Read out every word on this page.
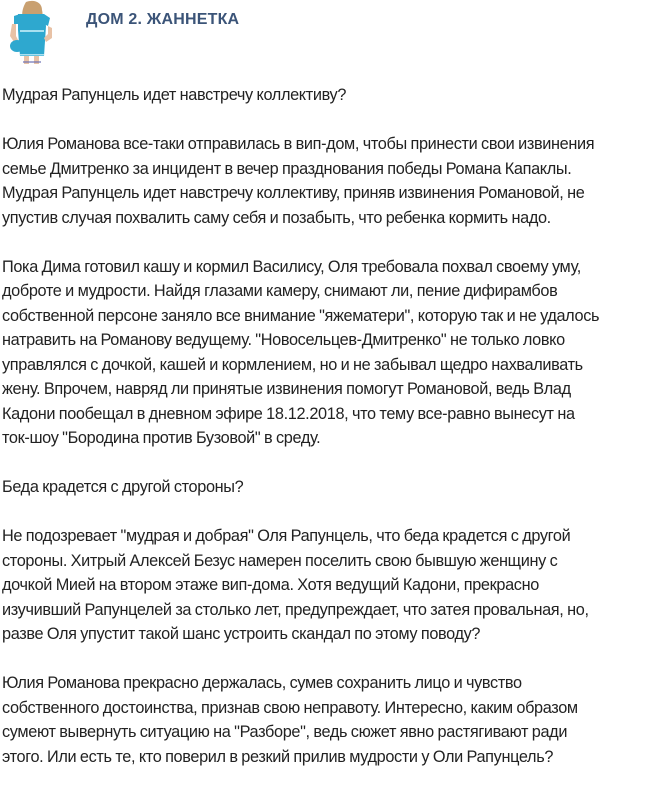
ДОМ 2. ЖАННЕТКА

Мудрая Рапунцель идет навстречу коллективу?

Юлия Романова все-таки отправилась в вип-дом, чтобы принести свои извинения
семье Дмитренко за инцидент в вечер празднования победы Романа Капаклы.
Мудрая Рапунцель идет навстречу коллективу, приняв извинения Романовой, не
упустив случая похвалить саму себя и позабыть, что ребенка кормить надо.

Пока Дима готовил кашу и кормил Василису, Оля требовала похвал своему уму,
доброте и мудрости. Найдя глазами камеру, снимают ли, пение дифирамбов
собственной персоне заняло все внимание "яжематери", которую так и не удалось
натравить на Романову ведущему. "Новосельцев-Дмитренко" не только ловко
управлялся с дочкой, кашей и кормлением, но и не забывал щедро нахваливать
жену. Впрочем, навряд ли принятые извинения помогут Романовой, ведь Влад
Кадони пообещал в дневном эфире 18.12.2018, что тему все-равно вынесут на
ток-шоу "Бородина против Бузовой" в среду.

Беда крадется с другой стороны?

Не подозревает "мудрая и добрая" Оля Рапунцель, что беда крадется с другой
стороны. Хитрый Алексей Безус намерен поселить свою бывшую женщину с
дочкой Мией на втором этаже вип-дома. Хотя ведущий Кадони, прекрасно
изучивший Рапунцелей за столько лет, предупреждает, что затея провальная, но,
разве Оля упустит такой шанс устроить скандал по этому поводу?

Юлия Романова прекрасно держалась, сумев сохранить лицо и чувство
собственного достоинства, признав свою неправоту. Интересно, каким образом
сумеют вывернуть ситуацию на "Разборе", ведь сюжет явно растягивают ради
этого. Или есть те, кто поверил в резкий прилив мудрости у Оли Рапунцель?
